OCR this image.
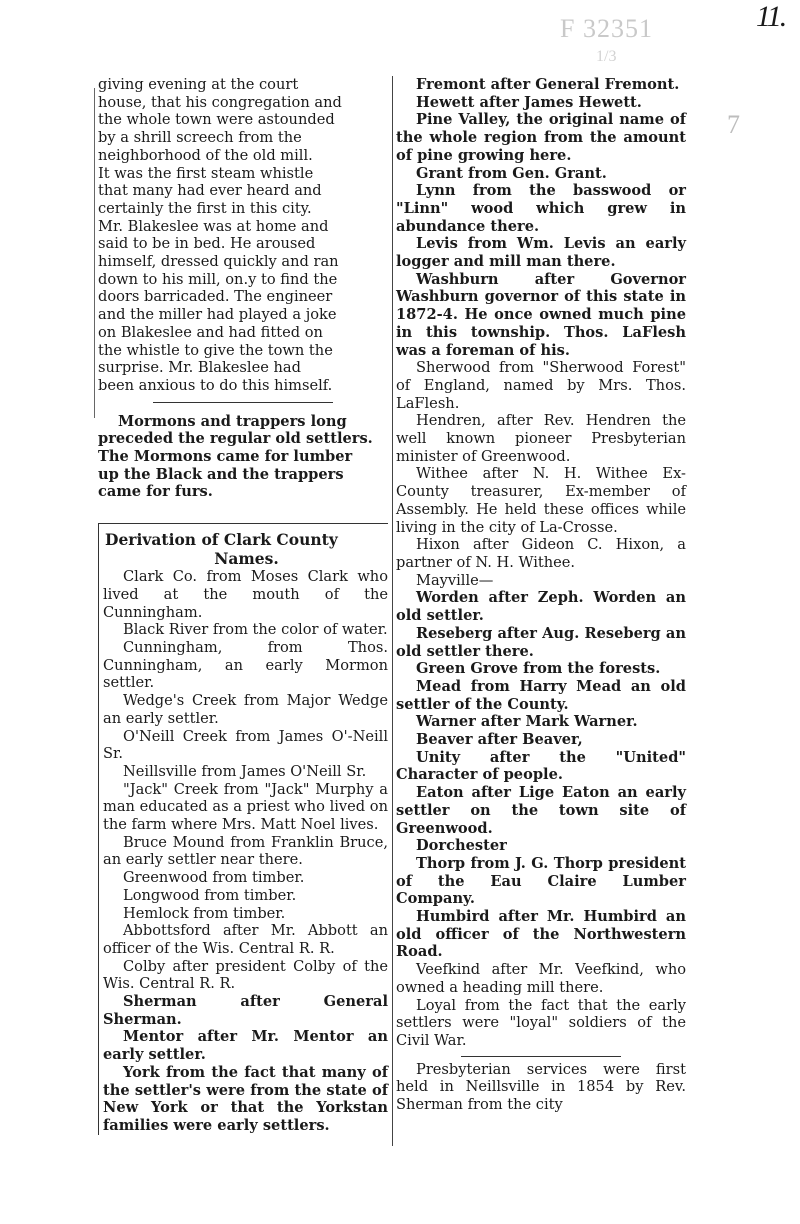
11.
F 32351
1/3
7

giving evening at the court

house, that his congregation and

the whole town were astounded

by a shrill screech from the

neighborhood of the old mill.

It was the first steam whistle

that many had ever heard and

certainly the first in this city.

Mr. Blakeslee was at home and

said to be in bed. He aroused

himself, dressed quickly and ran

down to his mill, on.y to find the

doors barricaded. The engineer

and the miller had played a joke

on Blakeslee and had fitted on

the whistle to give the town the

surprise. Mr. Blakeslee had

been anxious to do this himself.

Mormons and trappers long

preceded the regular old settlers.

The Mormons came for lumber

up the Black and the trappers

came for furs.

Derivation of Clark County
Names.

Clark Co. from Moses Clark who lived at the mouth of the Cunningham.

Black River from the color of water.

Cunningham, from Thos. Cunningham, an early Mormon settler.

Wedge's Creek from Major Wedge an early settler.

O'Neill Creek from James O'-Neill Sr.

Neillsville from James O'Neill Sr.

"Jack" Creek from "Jack" Murphy a man educated as a priest who lived on the farm where Mrs. Matt Noel lives.

Bruce Mound from Franklin Bruce, an early settler near there.

Greenwood from timber.

Longwood from timber.

Hemlock from timber.

Abbottsford after Mr. Abbott an officer of the Wis. Central R. R.

Colby after president Colby of the Wis. Central R. R.

Sherman after General Sherman.

Mentor after Mr. Mentor an early settler.

York from the fact that many of the settler's were from the state of New York or that the Yorkstan families were early settlers.

Fremont after General Fremont.

Hewett after James Hewett.

Pine Valley, the original name of the whole region from the amount of pine growing here.

Grant from Gen. Grant.

Lynn from the basswood or "Linn" wood which grew in abundance there.

Levis from Wm. Levis an early logger and mill man there.

Washburn after Governor Washburn governor of this state in 1872-4. He once owned much pine in this township. Thos. LaFlesh was a foreman of his.

Sherwood from "Sherwood Forest" of England, named by Mrs. Thos. LaFlesh.

Hendren, after Rev. Hendren the well known pioneer Presbyterian minister of Greenwood.

Withee after N. H. Withee Ex-County treasurer, Ex-member of Assembly. He held these offices while living in the city of La-Crosse.

Hixon after Gideon C. Hixon, a partner of N. H. Withee.

Mayville—

Worden after Zeph. Worden an old settler.

Reseberg after Aug. Reseberg an old settler there.

Green Grove from the forests.

Mead from Harry Mead an old settler of the County.

Warner after Mark Warner.

Beaver after Beaver,

Unity after the "United" Character of people.

Eaton after Lige Eaton an early settler on the town site of Greenwood.

Dorchester

Thorp from J. G. Thorp president of the Eau Claire Lumber Company.

Humbird after Mr. Humbird an old officer of the Northwestern Road.

Veefkind after Mr. Veefkind, who owned a heading mill there.

Loyal from the fact that the early settlers were "loyal" soldiers of the Civil War.

Presbyterian services were first held in Neillsville in 1854 by Rev. Sherman from the city
